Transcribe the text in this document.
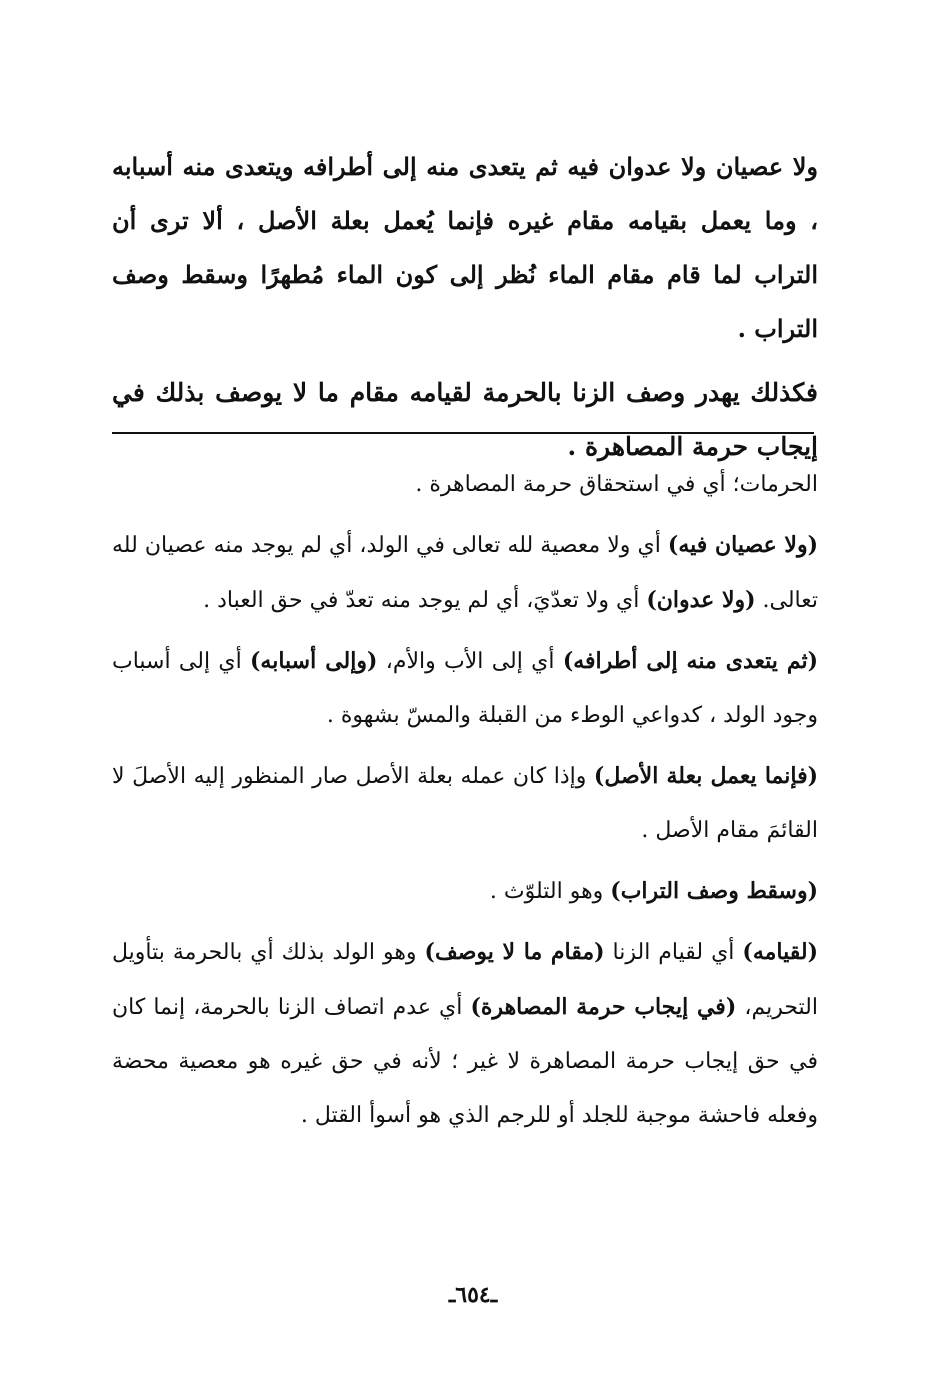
ولا عصيان ولا عدوان فيه ثم يتعدى منه إلى أطرافه ويتعدى منه أسبابه ، وما يعمل بقيامه مقام غيره فإنما يُعمل بعلة الأصل ، ألا ترى أن التراب لما قام مقام الماء نُظر إلى كون الماء مُطهرًا وسقط وصف التراب .

فكذلك يهدر وصف الزنا بالحرمة لقيامه مقام ما لا يوصف بذلك في إيجاب حرمة المصاهرة .

الحرمات؛ أي في استحقاق حرمة المصاهرة .

(ولا عصيان فيه) أي ولا معصية لله تعالى في الولد، أي لم يوجد منه عصيان لله تعالى. (ولا عدوان) أي ولا تعدّيَ، أي لم يوجد منه تعدّ في حق العباد .

(ثم يتعدى منه إلى أطرافه) أي إلى الأب والأم، (وإلى أسبابه) أي إلى أسباب وجود الولد ، كدواعي الوطء من القبلة والمسّ بشهوة .

(فإنما يعمل بعلة الأصل) وإذا كان عمله بعلة الأصل صار المنظور إليه الأصلَ لا القائمَ مقام الأصل .

(وسقط وصف التراب) وهو التلوّث .

(لقيامه) أي لقيام الزنا (مقام ما لا يوصف) وهو الولد بذلك أي بالحرمة بتأويل التحريم، (في إيجاب حرمة المصاهرة) أي عدم اتصاف الزنا بالحرمة، إنما كان في حق إيجاب حرمة المصاهرة لا غير ؛ لأنه في حق غيره هو معصية محضة وفعله فاحشة موجبة للجلد أو للرجم الذي هو أسوأ القتل .

ـ٦٥٤ـ
